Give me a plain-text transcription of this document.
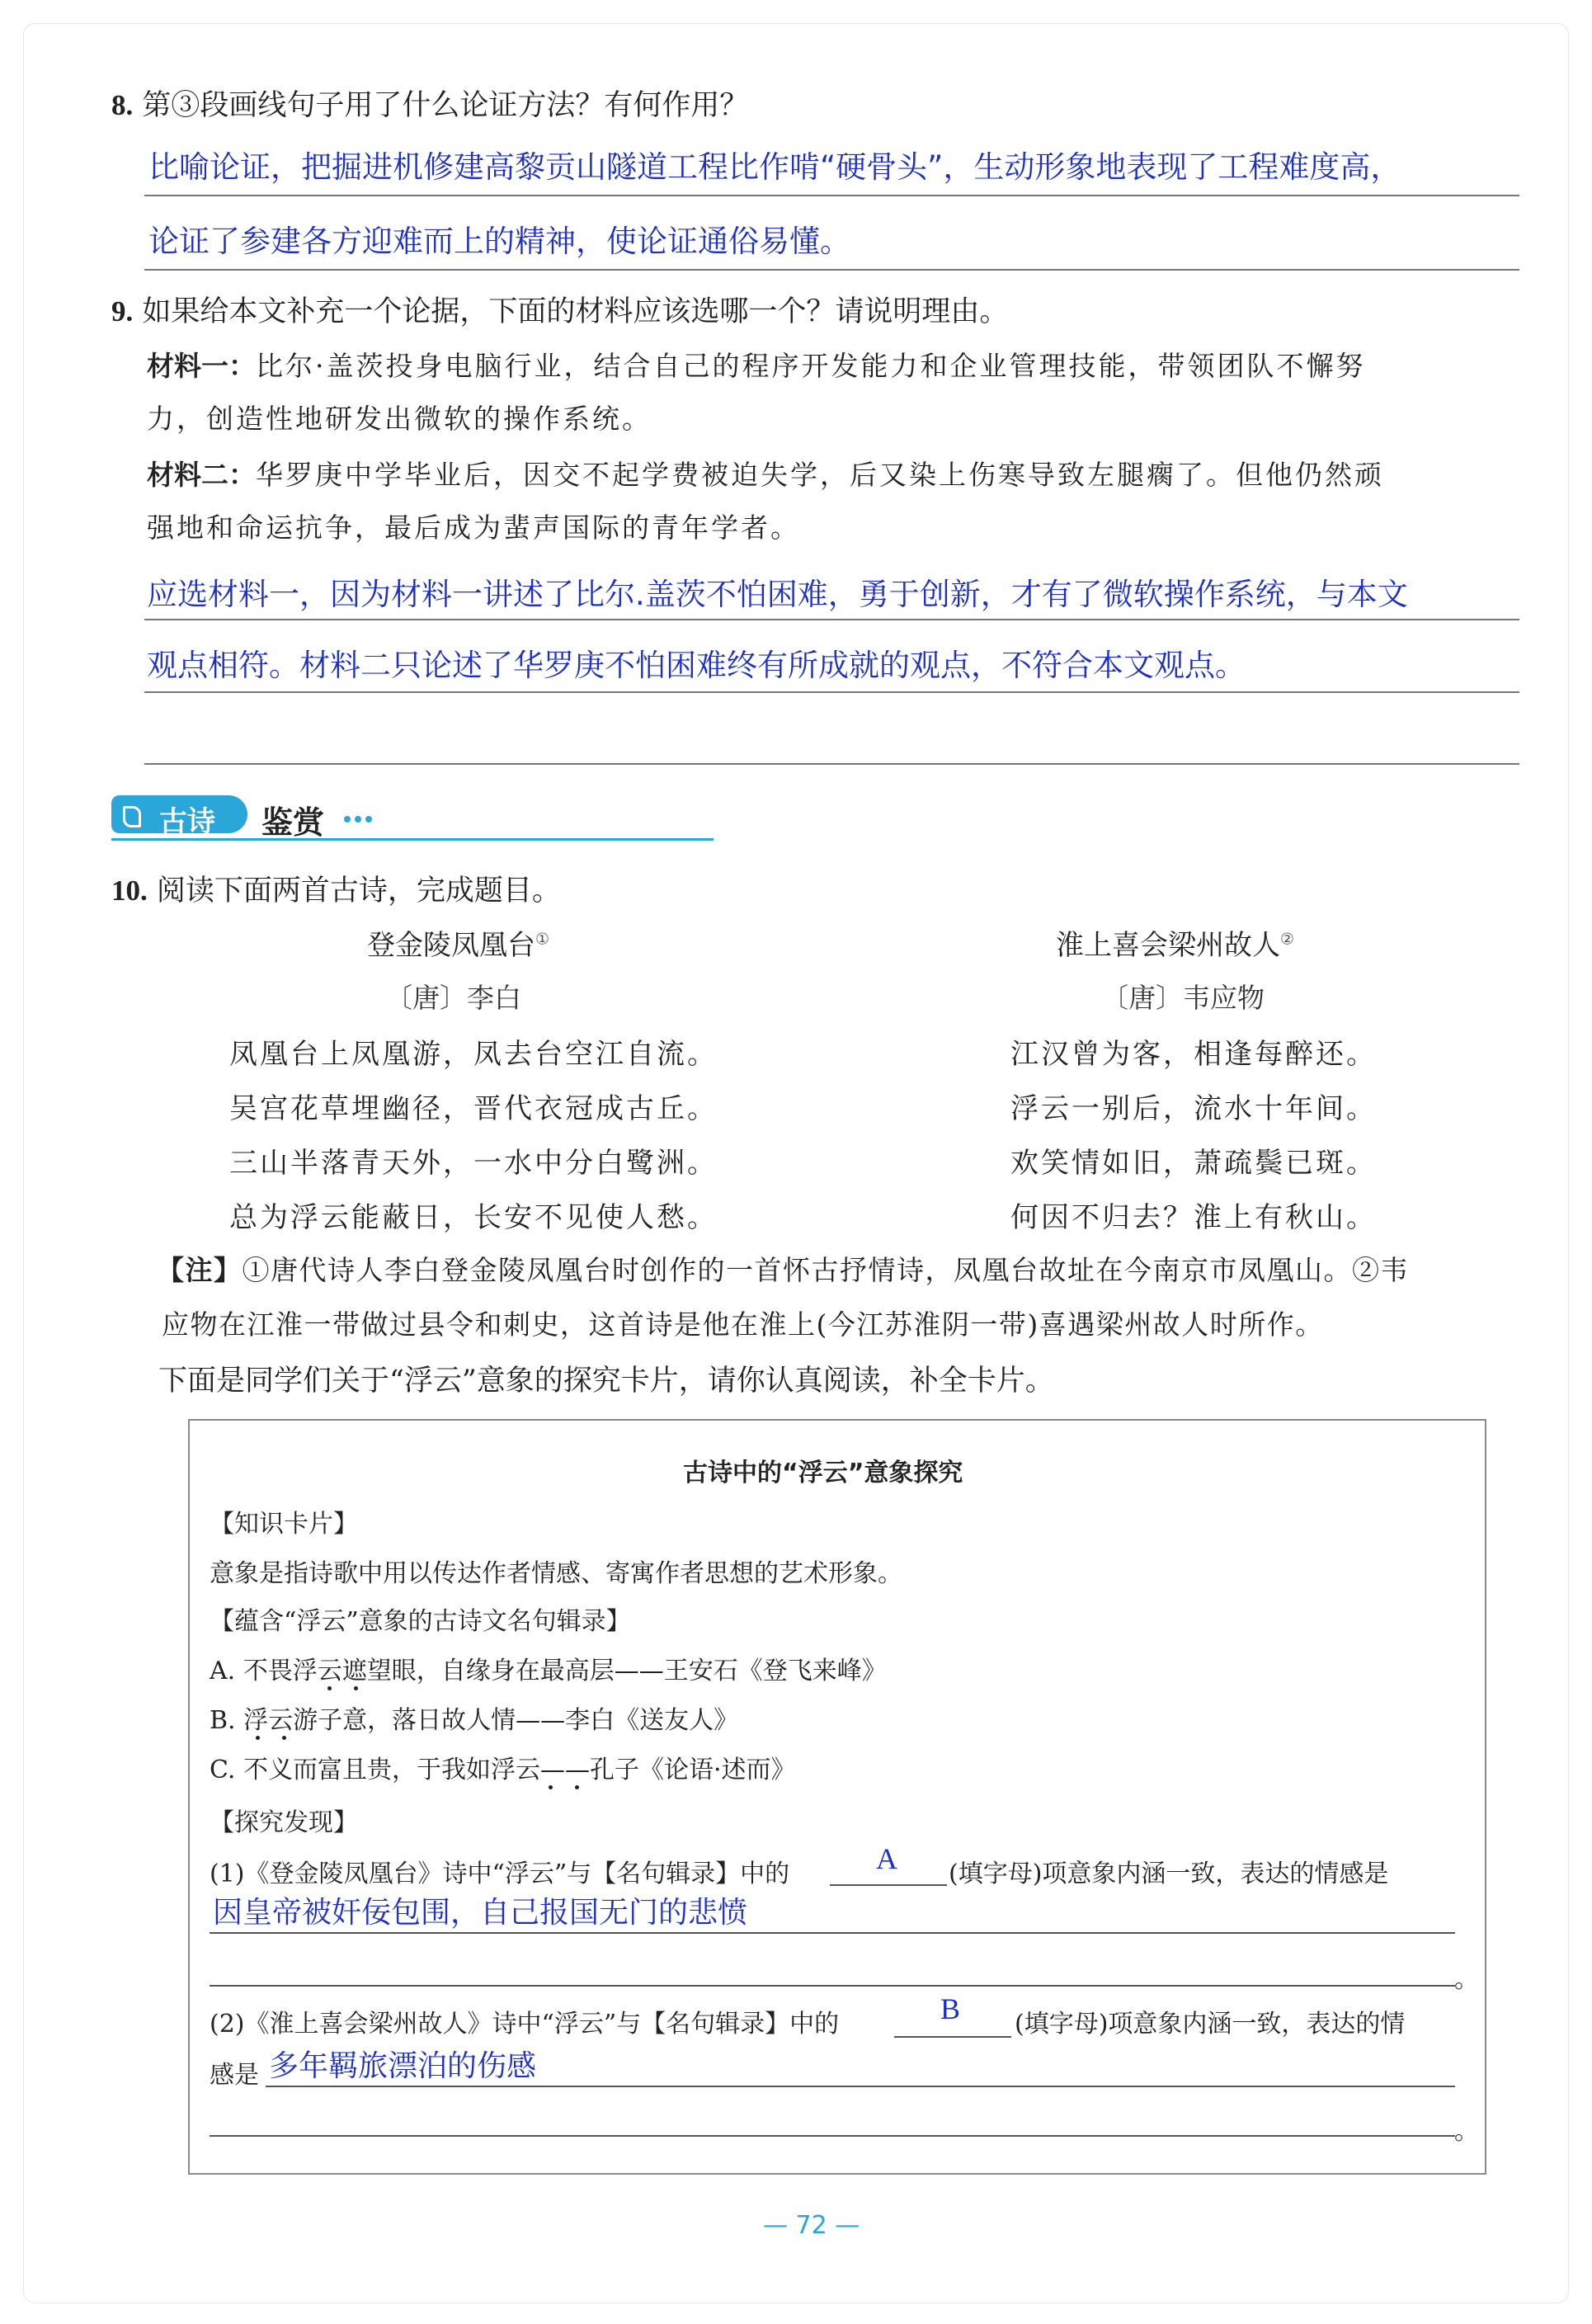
8. 第③段画线句子用了什么论证方法？有何作用？
比喻论证，把掘进机修建高黎贡山隧道工程比作啃“硬骨头”，生动形象地表现了工程难度高，
论证了参建各方迎难而上的精神，使论证通俗易懂。
9. 如果给本文补充一个论据，下面的材料应该选哪一个？请说明理由。
材料一：比尔·盖茨投身电脑行业，结合自己的程序开发能力和企业管理技能，带领团队不懈努
力，创造性地研发出微软的操作系统。
材料二：华罗庚中学毕业后，因交不起学费被迫失学，后又染上伤寒导致左腿瘸了。但他仍然顽
强地和命运抗争，最后成为蜚声国际的青年学者。
应选材料一，因为材料一讲述了比尔.盖茨不怕困难，勇于创新，才有了微软操作系统，与本文
观点相符。材料二只论述了华罗庚不怕困难终有所成就的观点，不符合本文观点。
古诗 鉴赏
10. 阅读下面两首古诗，完成题目。
登金陵凤凰台①
〔唐〕李白
凤凰台上凤凰游，凤去台空江自流。
吴宫花草埋幽径，晋代衣冠成古丘。
三山半落青天外，一水中分白鹭洲。
总为浮云能蔽日，长安不见使人愁。
淮上喜会梁州故人②
〔唐〕韦应物
江汉曾为客，相逢每醉还。
浮云一别后，流水十年间。
欢笑情如旧，萧疏鬓已斑。
何因不归去？淮上有秋山。
【注】①唐代诗人李白登金陵凤凰台时创作的一首怀古抒情诗，凤凰台故址在今南京市凤凰山。②韦
应物在江淮一带做过县令和刺史，这首诗是他在淮上(今江苏淮阴一带)喜遇梁州故人时所作。
下面是同学们关于“浮云”意象的探究卡片，请你认真阅读，补全卡片。
古诗中的“浮云”意象探究
【知识卡片】
意象是指诗歌中用以传达作者情感、寄寓作者思想的艺术形象。
【蕴含“浮云”意象的古诗文名句辑录】
A. 不畏浮云遮望眼，自缘身在最高层——王安石《登飞来峰》
B. 浮云游子意，落日故人情——李白《送友人》
C. 不义而富且贵，于我如浮云——孔子《论语·述而》
【探究发现】
(1)《登金陵凤凰台》诗中“浮云”与【名句辑录】中的	A (填字母)项意象内涵一致，表达的情感是
因皇帝被奸佞包围，自己报国无门的悲愤
。
(2)《淮上喜会梁州故人》诗中“浮云”与【名句辑录】中的	B (填字母)项意象内涵一致，表达的情
感是 多年羁旅漂泊的伤感
。
— 72 —
